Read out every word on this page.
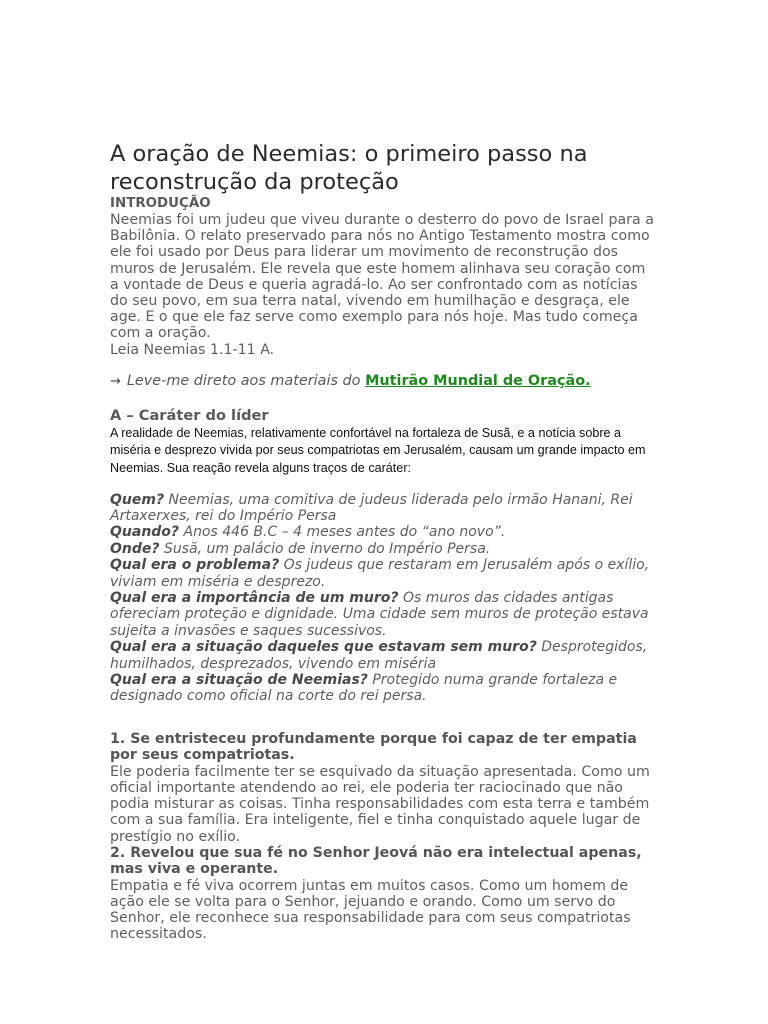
A oração de Neemias: o primeiro passo na reconstrução da proteção
INTRODUÇÃO

Neemias foi um judeu que viveu durante o desterro do povo de Israel para a Babilônia. O relato preservado para nós no Antigo Testamento mostra como ele foi usado por Deus para liderar um movimento de reconstrução dos muros de Jerusalém. Ele revela que este homem alinhava seu coração com a vontade de Deus e queria agradá-lo. Ao ser confrontado com as notícias do seu povo, em sua terra natal, vivendo em humilhação e desgraça, ele age. E o que ele faz serve como exemplo para nós hoje. Mas tudo começa com a oração.

Leia Neemias 1.1-11 A.

→ Leve-me direto aos materiais do Mutirão Mundial de Oração.
A – Caráter do líder

A realidade de Neemias, relativamente confortável na fortaleza de Susã, e a notícia sobre a miséria e desprezo vivida por seus compatriotas em Jerusalém, causam um grande impacto em Neemias. Sua reação revela alguns traços de caráter:

Quem? Neemias, uma comitiva de judeus liderada pelo irmão Hanani, Rei Artaxerxes, rei do Império Persa
Quando? Anos 446 B.C – 4 meses antes do “ano novo”.
Onde? Susã, um palácio de inverno do Império Persa.
Qual era o problema? Os judeus que restaram em Jerusalém após o exílio, viviam em miséria e desprezo.
Qual era a importância de um muro? Os muros das cidades antigas ofereciam proteção e dignidade. Uma cidade sem muros de proteção estava sujeita a invasões e saques sucessivos.
Qual era a situação daqueles que estavam sem muro? Desprotegidos, humilhados, desprezados, vivendo em miséria
Qual era a situação de Neemias? Protegido numa grande fortaleza e designado como oficial na corte do rei persa.
1. Se entristeceu profundamente porque foi capaz de ter empatia por seus compatriotas.

Ele poderia facilmente ter se esquivado da situação apresentada. Como um oficial importante atendendo ao rei, ele poderia ter raciocinado que não podia misturar as coisas. Tinha responsabilidades com esta terra e também com a sua família. Era inteligente, fiel e tinha conquistado aquele lugar de prestígio no exílio.

2. Revelou que sua fé no Senhor Jeová não era intelectual apenas, mas viva e operante.

Empatia e fé viva ocorrem juntas em muitos casos. Como um homem de ação ele se volta para o Senhor, jejuando e orando. Como um servo do Senhor, ele reconhece sua responsabilidade para com seus compatriotas necessitados.
